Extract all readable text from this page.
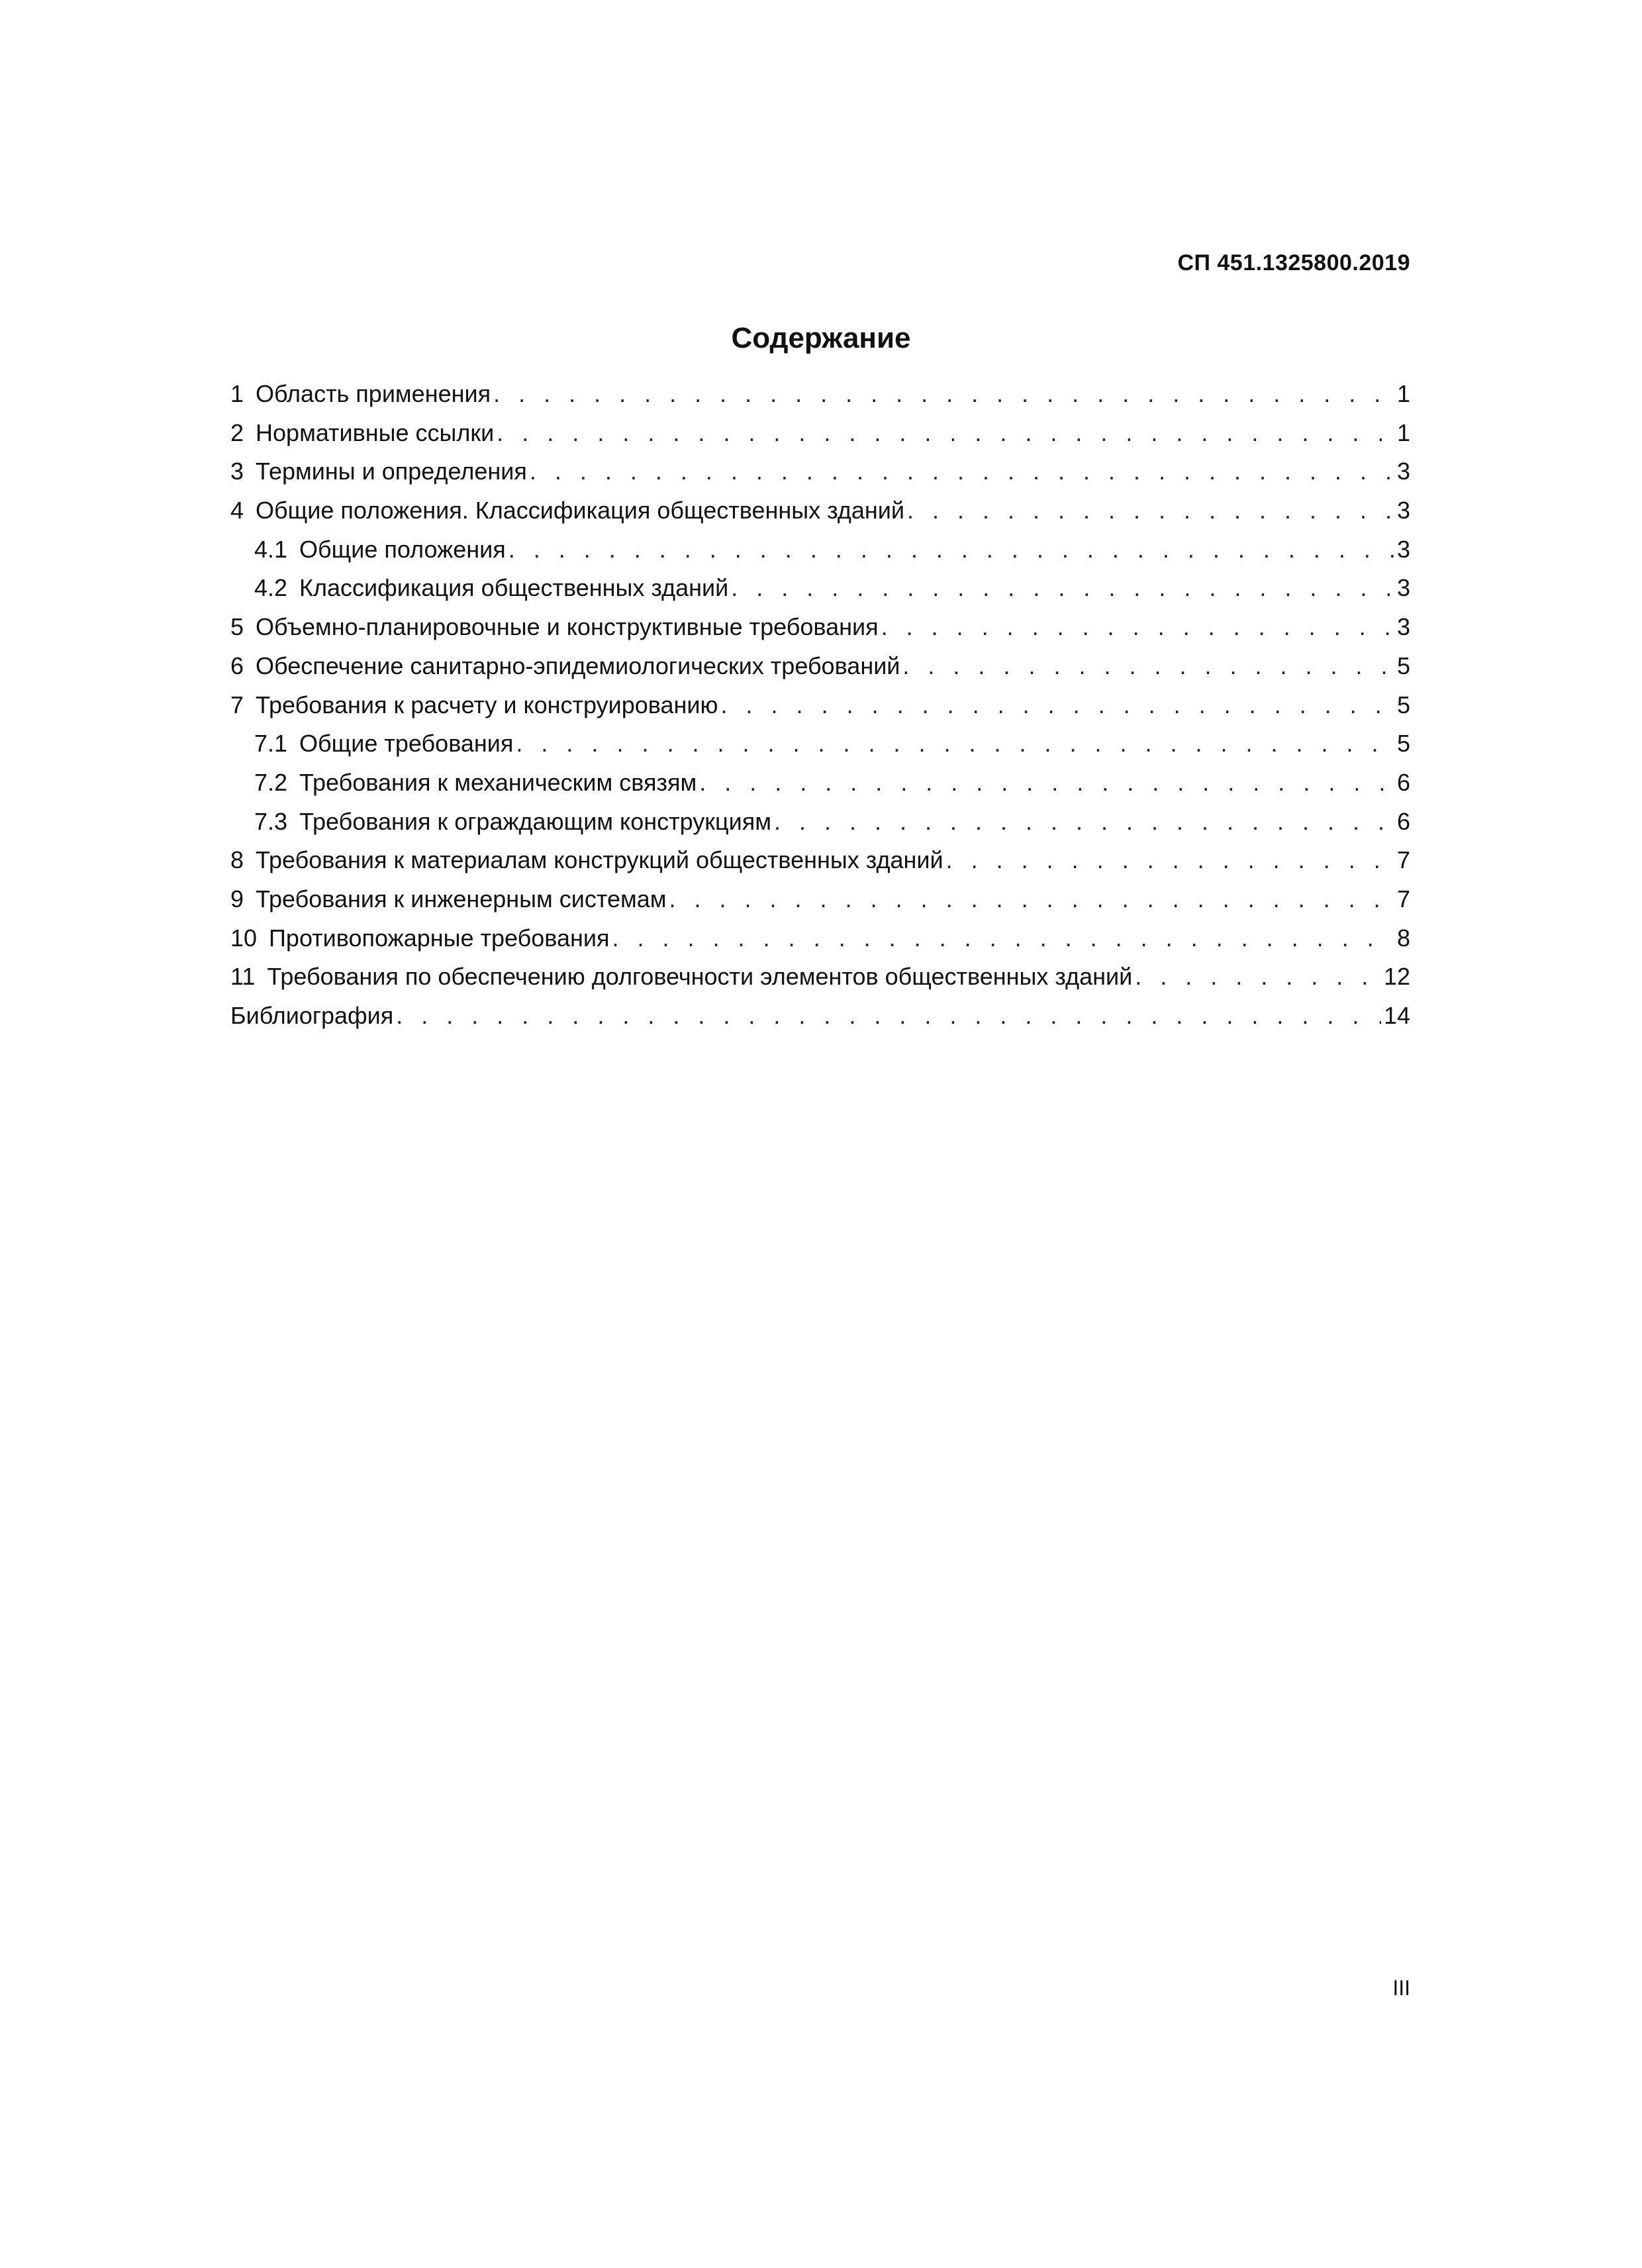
СП 451.1325800.2019
Содержание
1 Область применения . . .	1
2 Нормативные ссылки . . .	1
3 Термины и определения . . .	3
4 Общие положения. Классификация общественных зданий . . .	3
4.1 Общие положения . . .	3
4.2 Классификация общественных зданий . . .	3
5 Объемно-планировочные и конструктивные требования . . .	3
6 Обеспечение санитарно-эпидемиологических требований . . .	5
7 Требования к расчету и конструированию . . .	5
7.1 Общие требования . . .	5
7.2 Требования к механическим связям . . .	6
7.3 Требования к ограждающим конструкциям . . .	6
8 Требования к материалам конструкций общественных зданий . . .	7
9 Требования к инженерным системам . . .	7
10 Противопожарные требования . . .	8
11 Требования по обеспечению долговечности элементов общественных зданий . . .	12
Библиография . . .	14
III
